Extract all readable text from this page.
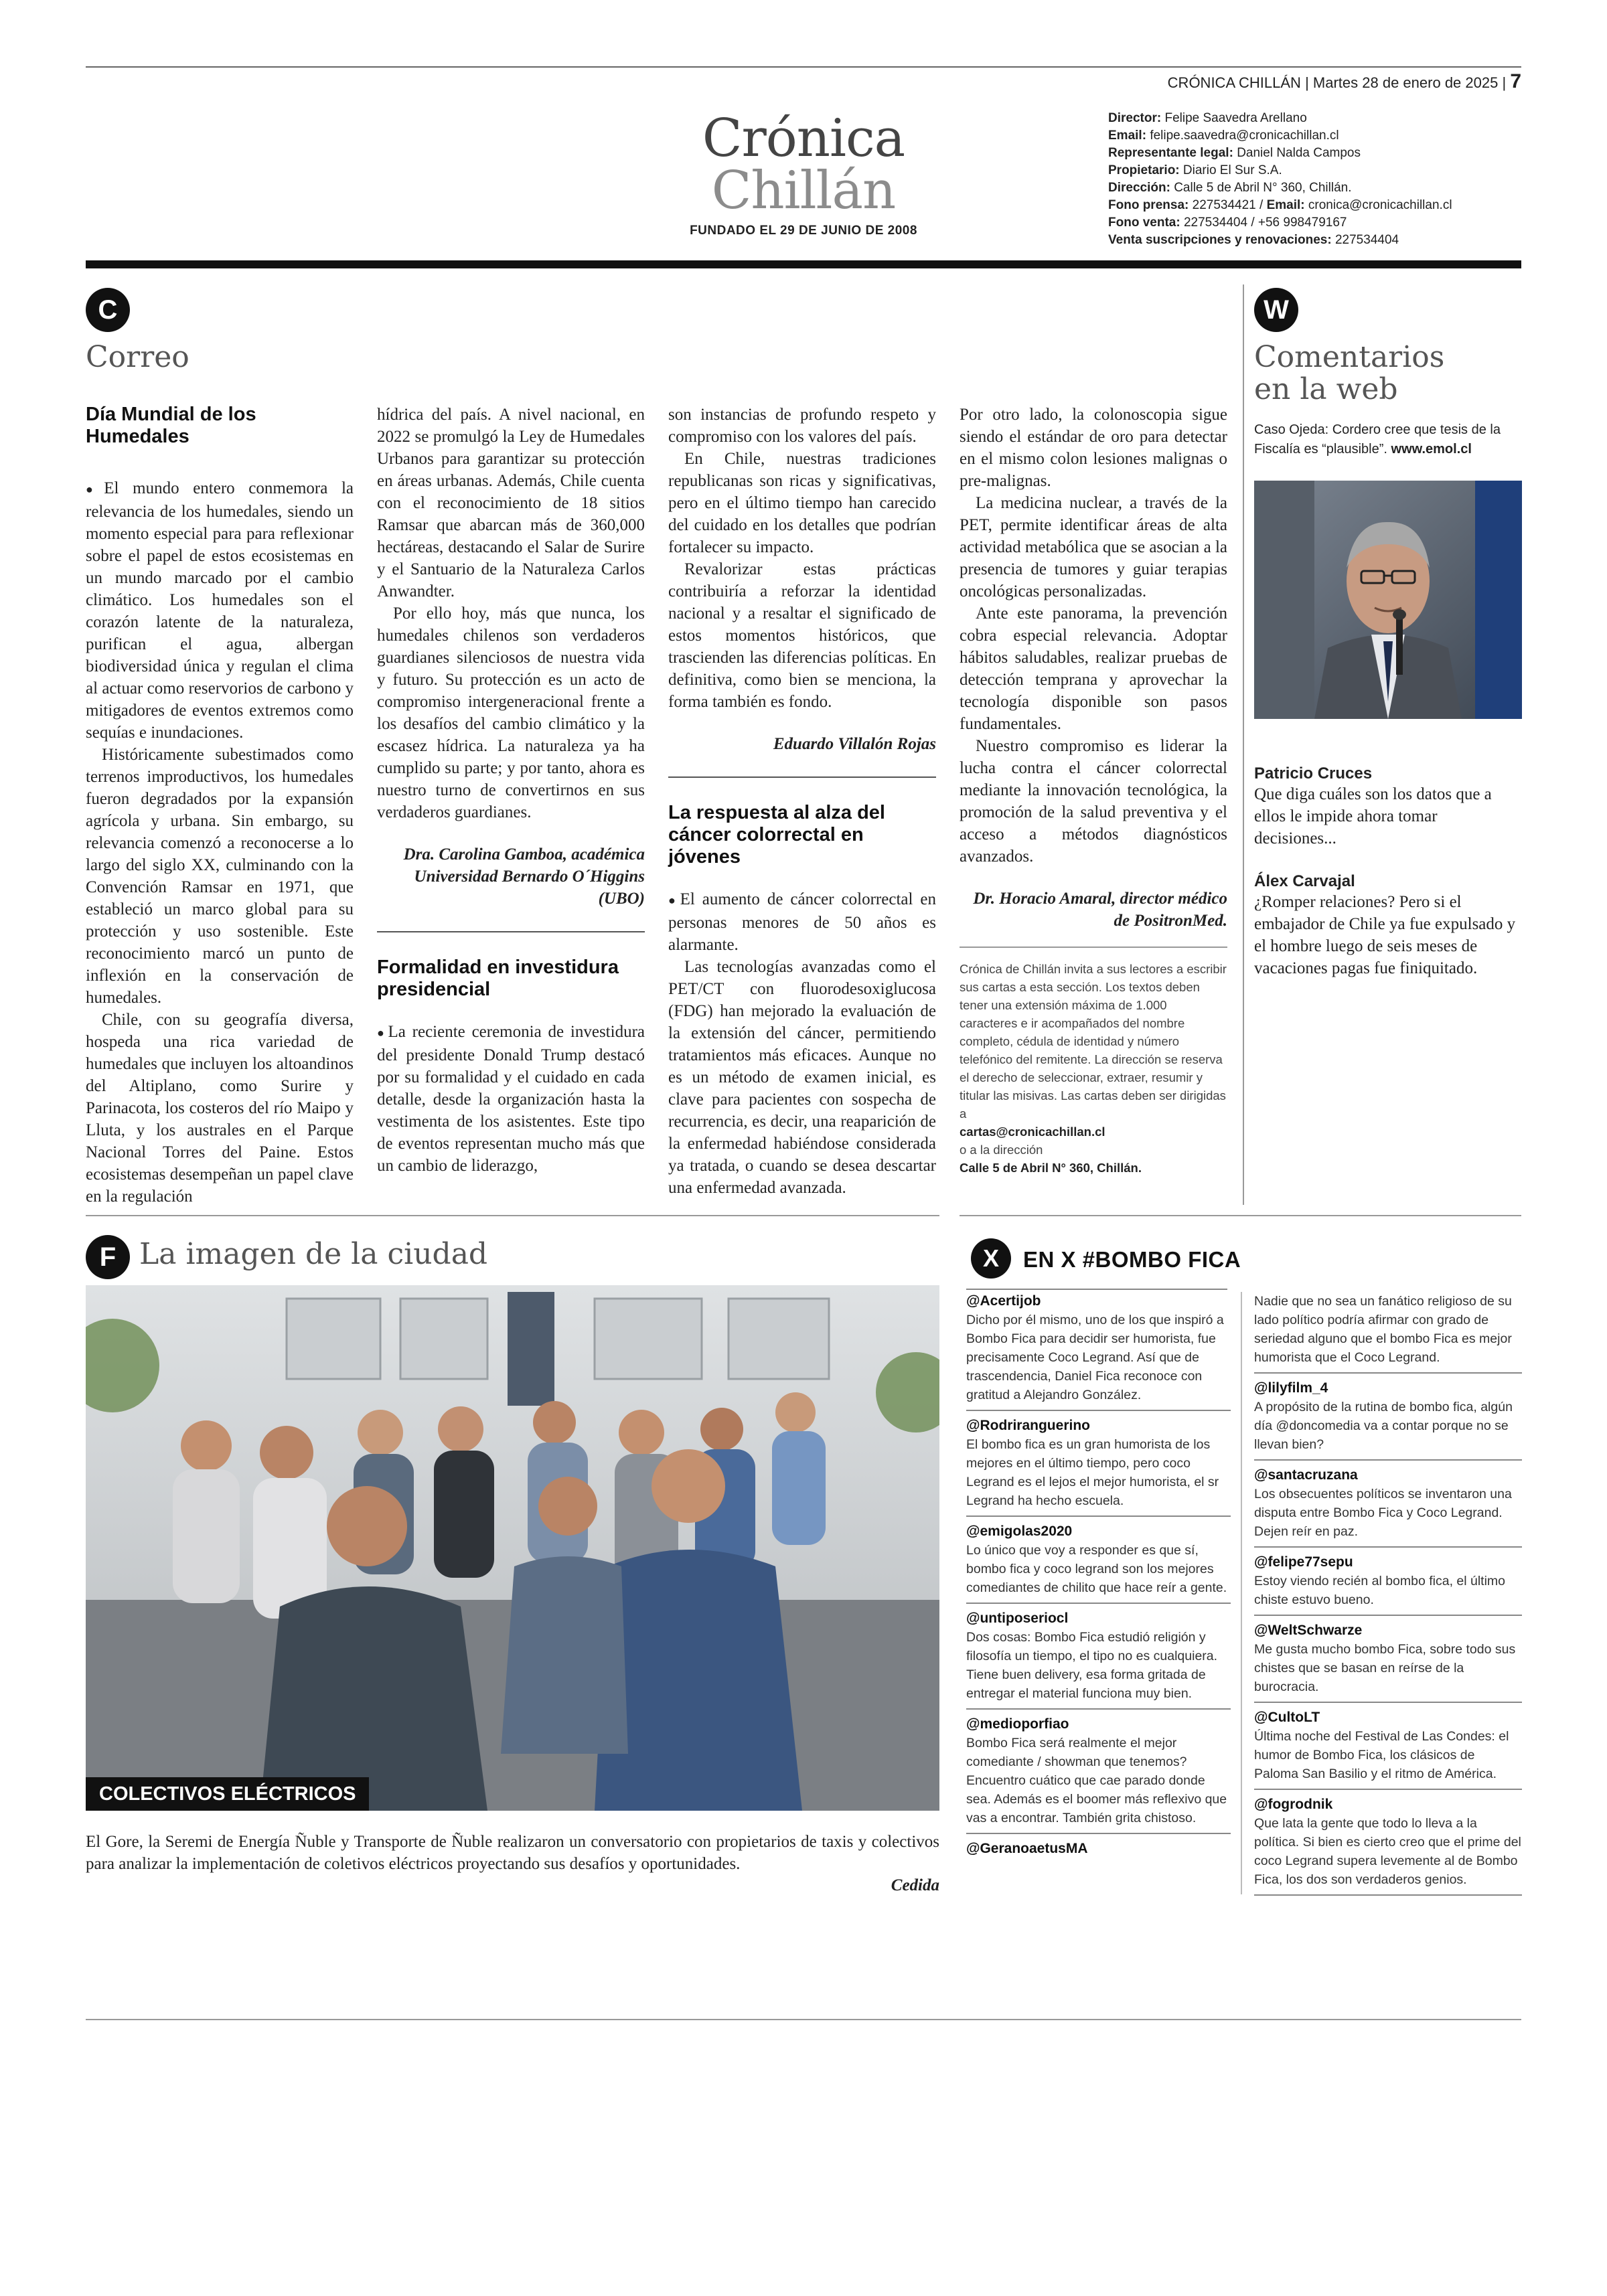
CRÓNICA CHILLÁN | Martes 28 de enero de 2025 | 7
Crónica Chillán
FUNDADO EL 29 DE JUNIO DE 2008
Director: Felipe Saavedra Arellano
Email: felipe.saavedra@cronicachillan.cl
Representante legal: Daniel Nalda Campos
Propietario: Diario El Sur S.A.
Dirección: Calle 5 de Abril N° 360, Chillán.
Fono prensa: 227534421 / Email: cronica@cronicachillan.cl
Fono venta: 227534404 / +56 998479167
Venta suscripciones y renovaciones: 227534404
C
Correo
Día Mundial de los Humedales

● El mundo entero conmemora la relevancia de los humedales, siendo un momento especial para para reflexionar sobre el papel de estos ecosistemas en un mundo marcado por el cambio climático. Los humedales son el corazón latente de la naturaleza, purifican el agua, albergan biodiversidad única y regulan el clima al actuar como reservorios de carbono y mitigadores de eventos extremos como sequías e inundaciones.

Históricamente subestimados como terrenos improductivos, los humedales fueron degradados por la expansión agrícola y urbana. Sin embargo, su relevancia comenzó a reconocerse a lo largo del siglo XX, culminando con la Convención Ramsar en 1971, que estableció un marco global para su protección y uso sostenible. Este reconocimiento marcó un punto de inflexión en la conservación de humedales.

Chile, con su geografía diversa, hospeda una rica variedad de humedales que incluyen los altoandinos del Altiplano, como Surire y Parinacota, los costeros del río Maipo y Lluta, y los australes en el Parque Nacional Torres del Paine. Estos ecosistemas desempeñan un papel clave en la regulación

hídrica del país. A nivel nacional, en 2022 se promulgó la Ley de Humedales Urbanos para garantizar su protección en áreas urbanas. Además, Chile cuenta con el reconocimiento de 18 sitios Ramsar que abarcan más de 360,000 hectáreas, destacando el Salar de Surire y el Santuario de la Naturaleza Carlos Anwandter.

Por ello hoy, más que nunca, los humedales chilenos son verdaderos guardianes silenciosos de nuestra vida y futuro. Su protección es un acto de compromiso intergeneracional frente a los desafíos del cambio climático y la escasez hídrica. La naturaleza ya ha cumplido su parte; y por tanto, ahora es nuestro turno de convertirnos en sus verdaderos guardianes.

Dra. Carolina Gamboa, académica Universidad Bernardo O´Higgins (UBO)

Formalidad en investidura presidencial

● La reciente ceremonia de investidura del presidente Donald Trump destacó por su formalidad y el cuidado en cada detalle, desde la organización hasta la vestimenta de los asistentes. Este tipo de eventos representan mucho más que un cambio de liderazgo,

son instancias de profundo respeto y compromiso con los valores del país.

En Chile, nuestras tradiciones republicanas son ricas y significativas, pero en el último tiempo han carecido del cuidado en los detalles que podrían fortalecer su impacto.

Revalorizar estas prácticas contribuiría a reforzar la identidad nacional y a resaltar el significado de estos momentos históricos, que trascienden las diferencias políticas. En definitiva, como bien se menciona, la forma también es fondo.

Eduardo Villalón Rojas

La respuesta al alza del cáncer colorrectal en jóvenes

● El aumento de cáncer colorrectal en personas menores de 50 años es alarmante.

Las tecnologías avanzadas como el PET/CT con fluorodesoxiglucosa (FDG) han mejorado la evaluación de la extensión del cáncer, permitiendo tratamientos más eficaces. Aunque no es un método de examen inicial, es clave para pacientes con sospecha de recurrencia, es decir, una reaparición de la enfermedad habiéndose considerada ya tratada, o cuando se desea descartar una enfermedad avanzada.

Por otro lado, la colonoscopia sigue siendo el estándar de oro para detectar en el mismo colon lesiones malignas o pre-malignas.

La medicina nuclear, a través de la PET, permite identificar áreas de alta actividad metabólica que se asocian a la presencia de tumores y guiar terapias oncológicas personalizadas.

Ante este panorama, la prevención cobra especial relevancia. Adoptar hábitos saludables, realizar pruebas de detección temprana y aprovechar la tecnología disponible son pasos fundamentales.

Nuestro compromiso es liderar la lucha contra el cáncer colorrectal mediante la innovación tecnológica, la promoción de la salud preventiva y el acceso a métodos diagnósticos avanzados.

Dr. Horacio Amaral, director médico de PositronMed.

Crónica de Chillán invita a sus lectores a escribir sus cartas a esta sección. Los textos deben tener una extensión máxima de 1.000 caracteres e ir acompañados del nombre completo, cédula de identidad y número telefónico del remitente. La dirección se reserva el derecho de seleccionar, extraer, resumir y titular las misivas. Las cartas deben ser dirigidas a
cartas@cronicachillan.cl
o a la dirección
Calle 5 de Abril N° 360, Chillán.
W
Comentarios
en la web
Caso Ojeda: Cordero cree que tesis de la Fiscalía es “plausible”. www.emol.cl
Patricio Cruces
Que diga cuáles son los datos que a ellos le impide ahora tomar decisiones...
Álex Carvajal
¿Romper relaciones? Pero si el embajador de Chile ya fue expulsado y el hombre luego de seis meses de vacaciones pagas fue finiquitado.
F La imagen de la ciudad
COLECTIVOS ELÉCTRICOS
El Gore, la Seremi de Energía Ñuble y Transporte de Ñuble realizaron un conversatorio con propietarios de taxis y colectivos para analizar la implementación de coletivos eléctricos proyectando sus desafíos y oportunidades.
Cedida
X	EN X #BOMBO FICA
@Acertijob
Dicho por él mismo, uno de los que inspiró a Bombo Fica para decidir ser humorista, fue precisamente Coco Legrand. Así que de trascendencia, Daniel Fica reconoce con gratitud a Alejandro González.
@Rodriranguerino
El bombo fica es un gran humorista de los mejores en el último tiempo, pero coco Legrand es el lejos el mejor humorista, el sr Legrand ha hecho escuela.
@emigolas2020
Lo único que voy a responder es que sí, bombo fica y coco legrand son los mejores comediantes de chilito que hace reír a gente.
@untiposeriocl
Dos cosas: Bombo Fica estudió religión y filosofía un tiempo, el tipo no es cualquiera. Tiene buen delivery, esa forma gritada de entregar el material funciona muy bien.
@medioporfiao
Bombo Fica será realmente el mejor comediante / showman que tenemos? Encuentro cuático que cae parado donde sea. Además es el boomer más reflexivo que vas a encontrar. También grita chistoso.
@GeranoaetusMA
Nadie que no sea un fanático religioso de su lado político podría afirmar con grado de seriedad alguno que el bombo Fica es mejor humorista que el Coco Legrand.
@lilyfilm_4
A propósito de la rutina de bombo fica, algún día @doncomedia va a contar porque no se llevan bien?
@santacruzana
Los obsecuentes políticos se inventaron una disputa entre Bombo Fica y Coco Legrand. Dejen reír en paz.
@felipe77sepu
Estoy viendo recién al bombo fica, el último chiste estuvo bueno.
@WeltSchwarze
Me gusta mucho bombo Fica, sobre todo sus chistes que se basan en reírse de la burocracia.
@CultoLT
Última noche del Festival de Las Condes: el humor de Bombo Fica, los clásicos de Paloma San Basilio y el ritmo de América.
@fogrodnik
Que lata la gente que todo lo lleva a la política. Si bien es cierto creo que el prime del coco Legrand supera levemente al de Bombo Fica, los dos son verdaderos genios.
